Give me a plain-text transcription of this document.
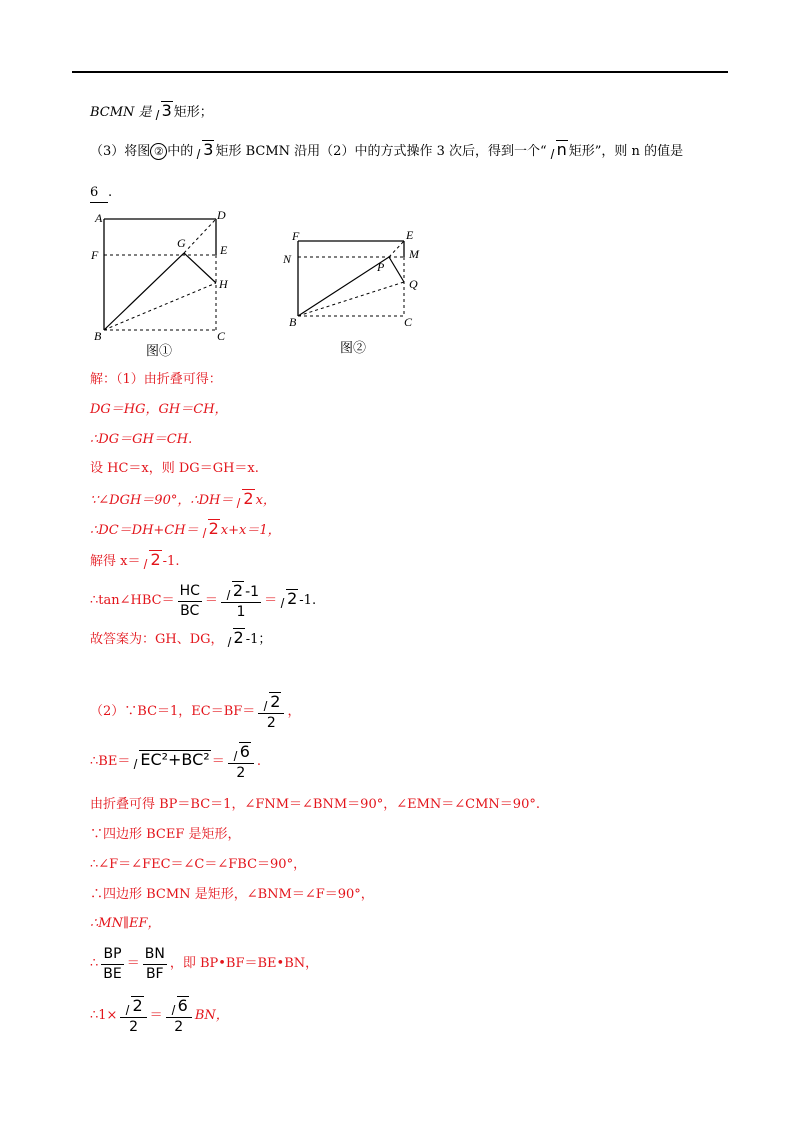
BCMN 是 3 矩形；
（3）将图 ② 中的 3 矩形 BCMN 沿用（2）中的方式操作 3 次后，得到一个“ n 矩形”，则 n 的值是
6 .
A	D
F
G	E
H
B	C
图①
F	E
N	M
P
Q
B	C
图②
解：（1）由折叠可得：
DG＝HG，GH＝CH，
∴DG＝GH＝CH.
设 HC＝x，则 DG＝GH＝x.
∵∠DGH＝90°，∴DH＝ 2 x，
∴DC＝DH+CH＝ 2 x+x＝1，
解得 x＝ 2 -1.
∴tan∠HBC＝ $\frac{HC}{BC} = \frac{2 -1}{1} = 2$ -1.
故答案为：GH、DG， 2 -1；
（2）∵BC＝1，$EC=BF= \frac{2}{2}$ ，
∴BE＝ $EC^2+BC^2 = \frac{6}{2}$ .
由折叠可得 BP＝BC＝1，∠FNM＝∠BNM＝90°，∠EMN＝∠CMN＝90°.
∵四边形 BCEF 是矩形，
∴∠F＝∠FEC＝∠C＝∠FBC＝90°，
∴四边形 BCMN 是矩形，∠BNM＝∠F＝90°，
∴MN∥EF，
∴ $\frac{BP}{BE} = \frac{BN}{BF}$ ，即 BP•BF＝BE•BN，
∴1× $\frac{2}{2} = \frac{6}{2}$ BN，
